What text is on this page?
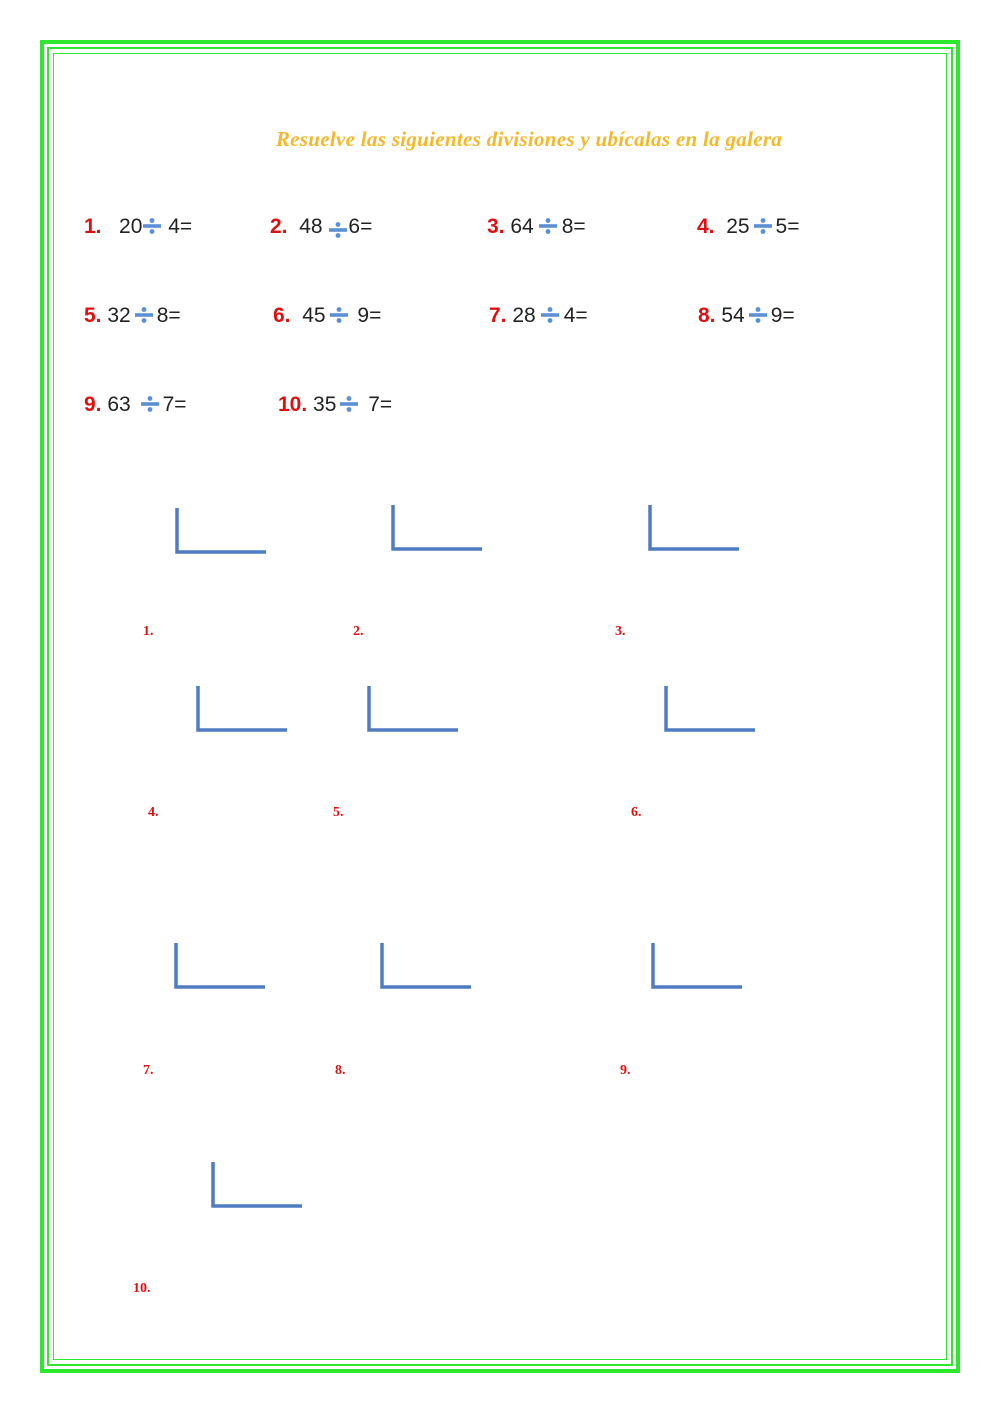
Resuelve las siguientes divisiones y ubícalas en la galera
1. 20 4=	2. 48 6=	3. 64 8=	4. 25 5=
5. 32 8=	6. 45 9=	7. 28 4=	8. 54 9=
9. 63 7=	10. 35 7=
1.	2.	3.
4.	5.	6.
7.	8.	9.
10.
